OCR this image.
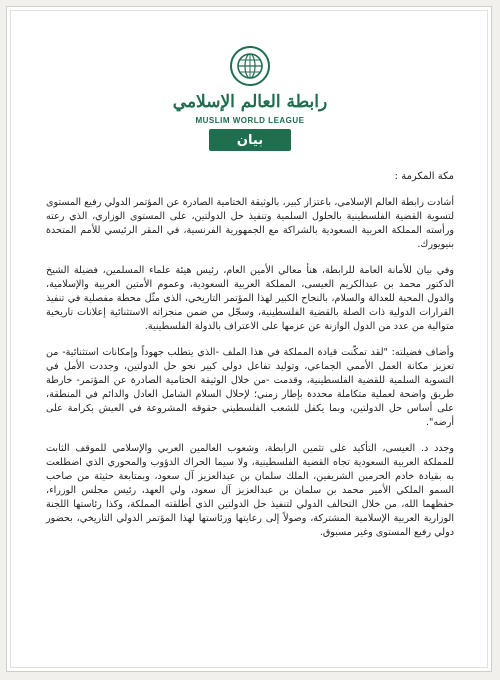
رابطة العالم الإسلامي
MUSLIM WORLD LEAGUE
بيان

مكة المكرمة :

أشادت رابطة العالم الإسلامي، باعتزاز كبير، بالوثيقة الختامية الصادرة عن المؤتمر الدولي رفيع المستوى لتسوية القضية الفلسطينية بالحلول السلمية وتنفيذ حل الدولتين، على المستوى الوزاري، الذي رعته ورأسته المملكة العربية السعودية بالشراكة مع الجمهورية الفرنسية، في المقر الرئيسي للأمم المتحدة بنيويورك.

وفي بيان للأمانة العامة للرابطة، هنأ معالي الأمين العام، رئيس هيئة علماء المسلمين، فضيلة الشيخ الدكتور محمد بن عبدالكريم العيسى، المملكة العربية السعودية، وعموم الأمتين العربية والإسلامية، والدول المحبة للعدالة والسلام، بالنجاح الكبير لهذا المؤتمر التاريخي، الذي مثّل محطة مفصلية في تنفيذ القرارات الدولية ذات الصلة بالقضية الفلسطينية، وسجّل من ضمن منجزاته الاستثنائية إعلانات تاريخية متوالية من عدد من الدول الوازنة عن عزمها على الاعتراف بالدولة الفلسطينية.

وأضاف فضيلته: "لقد تمكّنت قيادة المملكة في هذا الملف -الذي يتطلب جهوداً وإمكانات استثنائية- من تعزيز مكانة العمل الأممي الجماعي، وتوليد تفاعل دولي كبير نحو حل الدولتين، وجددت الأمل في التسوية السلمية للقضية الفلسطينية، وقدمت -من خلال الوثيقة الختامية الصادرة عن المؤتمر- خارطة طريق واضحة لعملية متكاملة محددة بإطار زمني؛ لإحلال السلام الشامل العادل والدائم في المنطقة، على أساس حل الدولتين، وبما يكفل للشعب الفلسطيني حقوقه المشروعة في العيش بكرامة على أرضه".

وجدد د. العيسى، التأكيد على تثمين الرابطة، وشعوب العالمين العربي والإسلامي للموقف الثابت للمملكة العربية السعودية تجاه القضية الفلسطينية، ولا سيما الحراك الدؤوب والمحوري الذي اضطلعت به بقيادة خادم الحرمين الشريفين، الملك سلمان بن عبدالعزيز آل سعود، وبمتابعة حثيثة من صاحب السمو الملكي الأمير محمد بن سلمان بن عبدالعزيز آل سعود، ولي العهد، رئيس مجلس الوزراء، حفظهما الله، من خلال التحالف الدولي لتنفيذ حل الدولتين الذي أطلقته المملكة، وكذا رئاستها اللجنة الوزارية العربية الإسلامية المشتركة، وصولاً إلى رعايتها ورئاستها لهذا المؤتمر الدولي التاريخي، بحضور دولي رفيع المستوى وغير مسبوق.
